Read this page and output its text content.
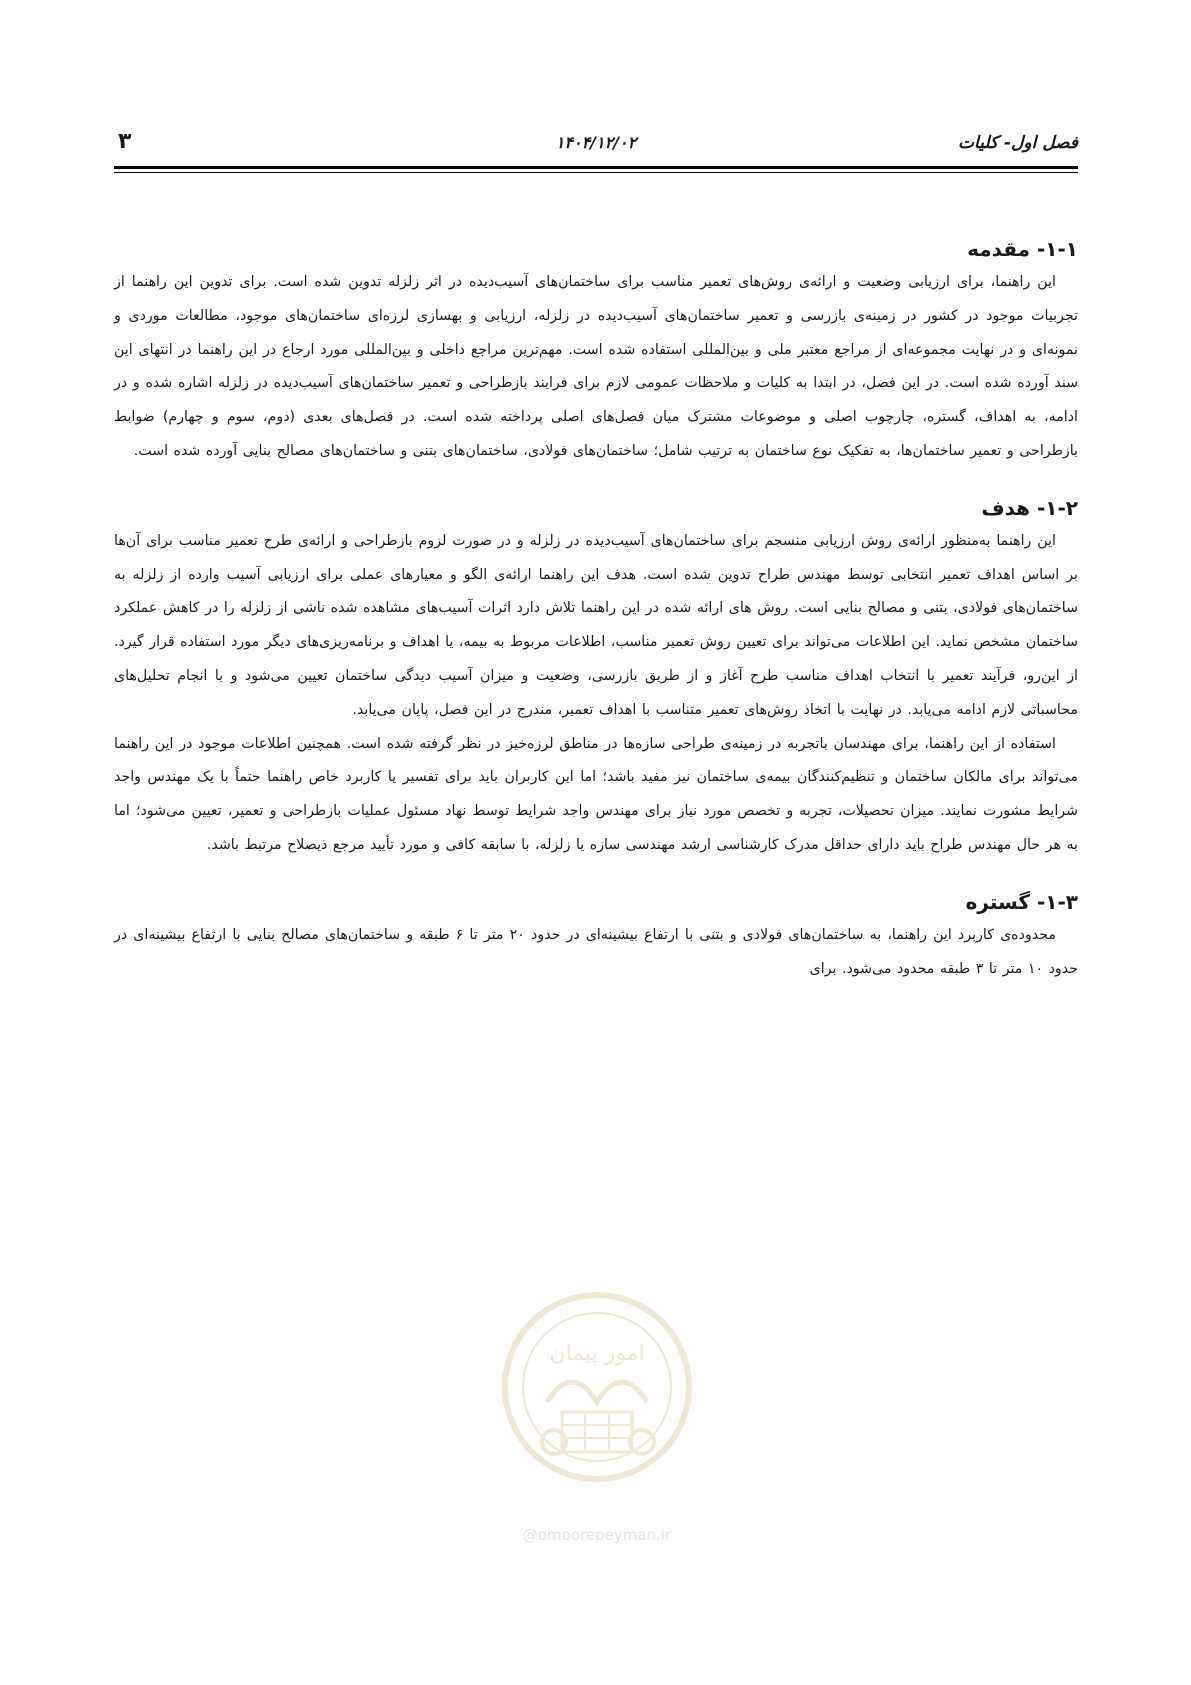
فصل اول- کلیات
۱۴۰۴/۱۲/۰۲
۳
۱-۱- مقدمه

این راهنما، برای ارزیابی وضعیت و ارائه‌ی روش‌های تعمیر مناسب برای ساختمان‌های آسیب‌دیده در اثر زلزله تدوین شده است. برای تدوین این راهنما از تجربیات موجود در کشور در زمینه‌ی بازرسی و تعمیر ساختمان‌های آسیب‌دیده در زلزله، ارزیابی و بهسازی لرزه‌ای ساختمان‌های موجود، مطالعات موردی و نمونه‌ای و در نهایت مجموعه‌ای از مراجع معتبر ملی و بین‌المللی استفاده شده است. مهم‌ترین مراجع داخلی و بین‌المللی مورد ارجاع در این راهنما در انتهای این سند آورده شده است. در این فصل، در ابتدا به کلیات و ملاحظات عمومی لازم برای فرایند بازطراحی و تعمیر ساختمان‌های آسیب‌دیده در زلزله اشاره شده و در ادامه، به اهداف، گستره، چارچوب اصلی و موضوعات مشترک میان فصل‌های اصلی پرداخته شده است. در فصل‌های بعدی (دوم، سوم و چهارم) ضوابط بازطراحی و تعمیر ساختمان‌ها، به تفکیک نوع ساختمان به ترتیب شامل؛ ساختمان‌های فولادی، ساختمان‌های بتنی و ساختمان‌های مصالح بنایی آورده شده است.

۱-۲- هدف

این راهنما به‌منظور ارائه‌ی روش ارزیابی منسجم برای ساختمان‌های آسیب‌دیده در زلزله و در صورت لزوم بازطراحی و ارائه‌ی طرح تعمیر مناسب برای آن‌ها بر اساس اهداف تعمیر انتخابی توسط مهندس طراح تدوین شده است. هدف این راهنما ارائه‌ی الگو و معیارهای عملی برای ارزیابی آسیب وارده از زلزله به ساختمان‌های فولادی، بتنی و مصالح بنایی است. روش های ارائه شده در این راهنما تلاش دارد اثرات آسیب‌های مشاهده شده ناشی از زلزله را در کاهش عملکرد ساختمان مشخص نماید. این اطلاعات می‌تواند برای تعیین روش تعمیر مناسب، اطلاعات مربوط به بیمه، یا اهداف و برنامه‌ریزی‌های دیگر مورد استفاده قرار گیرد. از این‌رو، فرآیند تعمیر با انتخاب اهداف مناسب طرح آغاز و از طریق بازرسی، وضعیت و میزان آسیب دیدگی ساختمان تعیین می‌شود و با انجام تحلیل‌های محاسباتی لازم ادامه می‌یابد. در نهایت با اتخاذ روش‌های تعمیر متناسب با اهداف تعمیر، مندرج در این فصل، پایان می‌یابد.

استفاده از این راهنما، برای مهندسان باتجربه در زمینه‌ی طراحی سازه‌ها در مناطق لرزه‌خیز در نظر گرفته شده است. همچنین اطلاعات موجود در این راهنما می‌تواند برای مالکان ساختمان و تنظیم‌کنندگان بیمه‌ی ساختمان نیز مفید باشد؛ اما این کاربران باید برای تفسیر یا کاربرد خاص راهنما حتماً با یک مهندس واجد شرایط مشورت نمایند. میزان تحصیلات، تجربه و تخصص مورد نیاز برای مهندس واجد شرایط توسط نهاد مسئول عملیات بازطراحی و تعمیر، تعیین می‌شود؛ اما به هر حال مهندس طراح باید دارای حداقل مدرک کارشناسی ارشد مهندسی سازه یا زلزله، با سابقه کافی و مورد تأیید مرجع ذیصلاح مرتبط باشد.

۱-۳- گستره

محدوده‌ی کاربرد این راهنما، به ساختمان‌های فولادی و بتنی با ارتفاع بیشینه‌ای در حدود ۲۰ متر تا ۶ طبقه و ساختمان‌های مصالح بنایی با ارتفاع بیشینه‌ای در حدود ۱۰ متر تا ۳ طبقه محدود می‌شود. برای

امور پیمان
@omoorepeyman.ir
